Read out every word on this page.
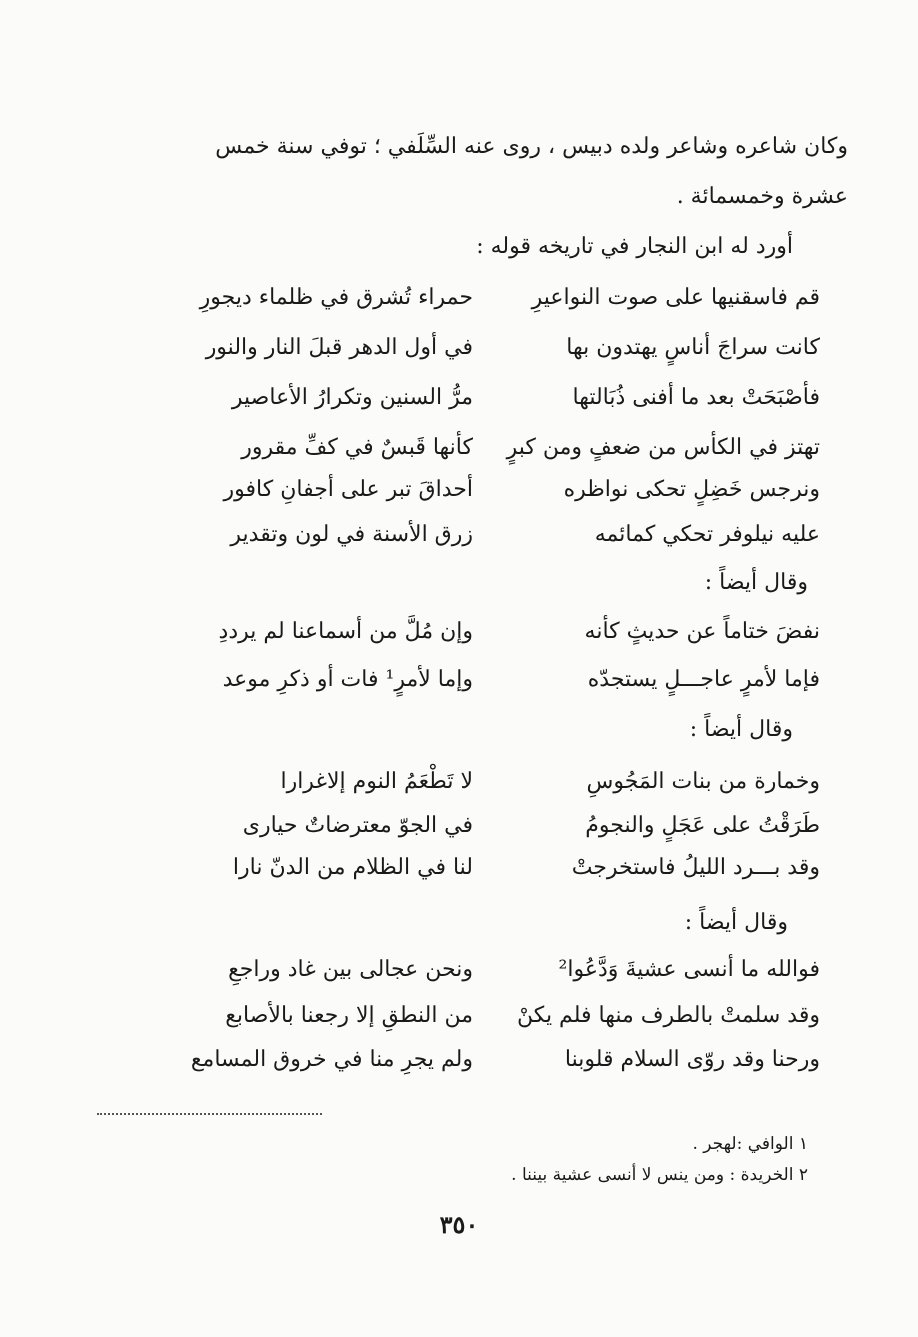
وكان شاعره وشاعر ولده دبيس ، روى عنه السِّلَفي ؛ توفي سنة خمس
عشرة وخمسمائة .
أورد له ابن النجار في تاريخه قوله :
قم فاسقنيها على صوت النواعيرِ
حمراء تُشرق في ظلماء ديجورِ
كانت سراجَ أناسٍ يهتدون بها
في أول الدهر قبلَ النار والنور
فأصْبَحَتْ بعد ما أفنى ذُبَالتها
مرُّ السنين وتكرارُ الأعاصير
تهتز في الكأس من ضعفٍ ومن كبرٍ
كأنها قَبسٌ في كفِّ مقرور
ونرجس خَضِلٍ تحكى نواظره
أحداقَ تبر على أجفانِ كافور
عليه نيلوفر تحكي كمائمه
زرق الأسنة في لون وتقدير
وقال أيضاً :
نفضَ ختاماً عن حديثٍ كأنه
وإن مُلَّ من أسماعنا لم يرددِ
فإما لأمرٍ عاجـــلٍ يستجدّه
وإما لأمرٍ¹ فات أو ذكرِ موعد
وقال أيضاً :
وخمارة من بنات المَجُوسِ
لا تَطْعَمُ النوم إلاغرارا
طَرَقْتُ على عَجَلٍ والنجومُ
في الجوّ معترضاتٌ حيارى
وقد بـــرد الليلُ فاستخرجتْ
لنا في الظلام من الدنّ نارا
وقال أيضاً :
فوالله ما أنسى عشيةَ وَدَّعُوا²
ونحن عجالى بين غاد وراجعِ
وقد سلمتْ بالطرف منها فلم يكنْ
من النطقِ إلا رجعنا بالأصابع
ورحنا وقد روّى السلام قلوبنا
ولم يجرِ منا في خروق المسامع
١ الوافي :لهجر .
٢ الخريدة : ومن ينس لا أنسى عشية بيننا .
٣٥٠
